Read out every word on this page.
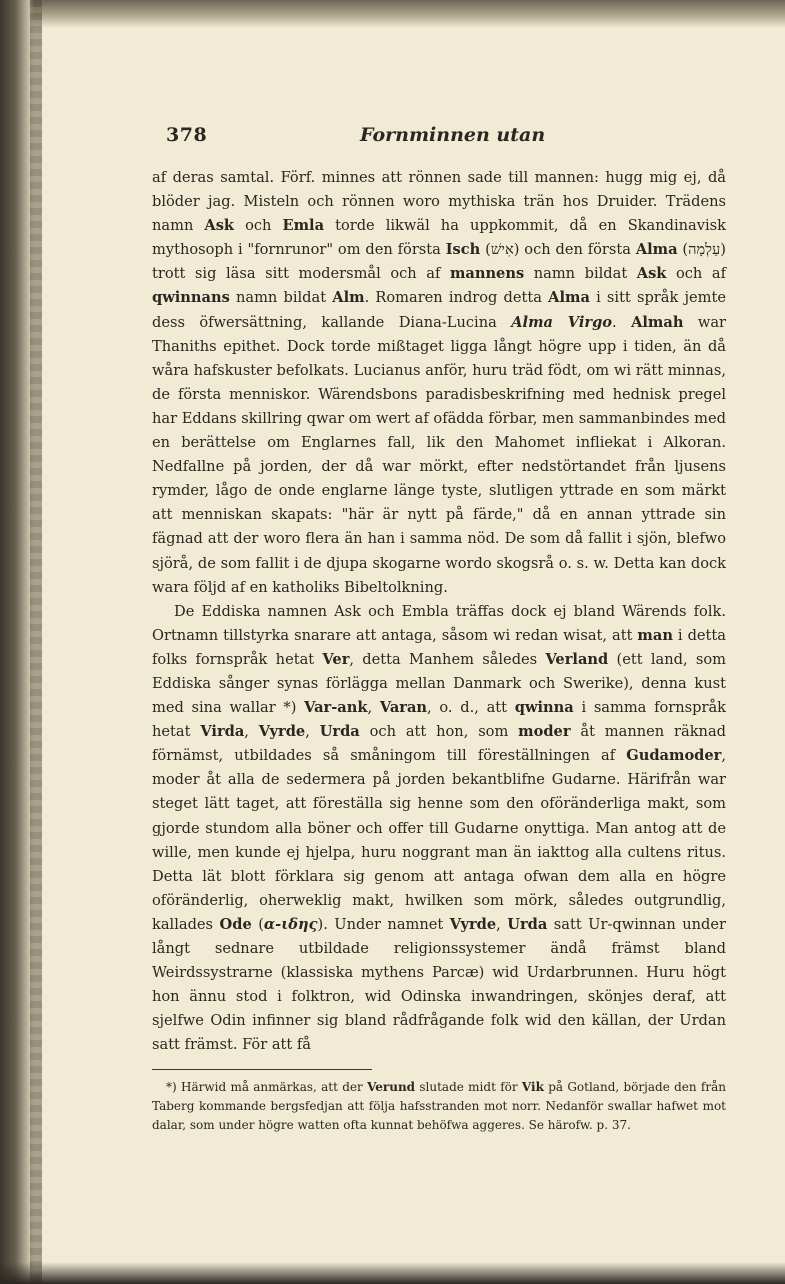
378	Fornminnen utan

af deras samtal. Förf. minnes att rönnen sade till mannen: hugg mig ej, då blöder jag. Misteln och rönnen woro mythiska trän hos Druider. Trädens namn Ask och Emla torde likwäl ha uppkommit, då en Skandinavisk mythosoph i "fornrunor" om den första Isch (אִישׁ) och den första Alma (עַלְמָה) trott sig läsa sitt modersmål och af mannens namn bildat Ask och af qwinnans namn bildat Alm. Romaren indrog detta Alma i sitt språk jemte dess öfwersättning, kallande Diana-Lucina Alma Virgo. Almah war Thaniths epithet. Dock torde mißtaget ligga långt högre upp i tiden, än då wåra hafskuster befolkats. Lucianus anför, huru träd födt, om wi rätt minnas, de första menniskor. Wärendsbons paradisbeskrifning med hednisk pregel har Eddans skillring qwar om wert af ofädda förbar, men sammanbindes med en berättelse om Englarnes fall, lik den Mahomet infliekat i Alkoran. Nedfallne på jorden, der då war mörkt, efter nedstörtandet från ljusens rymder, lågo de onde englarne länge tyste, slutligen yttrade en som märkt att menniskan skapats: "här är nytt på färde," då en annan yttrade sin fägnad att der woro flera än han i samma nöd. De som då fallit i sjön, blefwo sjörå, de som fallit i de djupa skogarne wordo skogsrå o. s. w. Detta kan dock wara följd af en katholiks Bibeltolkning.

De Eddiska namnen Ask och Embla träffas dock ej bland Wärends folk. Ortnamn tillstyrka snarare att antaga, såsom wi redan wisat, att man i detta folks fornspråk hetat Ver, detta Manhem således Verland (ett land, som Eddiska sånger synas förlägga mellan Danmark och Swerike), denna kust med sina wallar *) Var-ank, Varan, o. d., att qwinna i samma fornspråk hetat Virda, Vyrde, Urda och att hon, som moder åt mannen räknad förnämst, utbildades så småningom till föreställningen af Gudamoder, moder åt alla de sedermera på jorden bekantblifne Gudarne. Härifrån war steget lätt taget, att föreställa sig henne som den oföränderliga makt, som gjorde stundom alla böner och offer till Gudarne onyttiga. Man antog att de wille, men kunde ej hjelpa, huru noggrant man än iakttog alla cultens ritus. Detta lät blott förklara sig genom att antaga ofwan dem alla en högre oföränderlig, oherweklig makt, hwilken som mörk, således outgrundlig, kallades Ode (α-ιδης). Under namnet Vyrde, Urda satt Ur-qwinnan under långt sednare utbildade religionssystemer ändå främst bland Weirdssystrarne (klassiska mythens Parcæ) wid Urdarbrunnen. Huru högt hon ännu stod i folktron, wid Odinska inwandringen, skönjes deraf, att sjelfwe Odin infinner sig bland rådfrågande folk wid den källan, der Urdan satt främst. För att få

*) Härwid må anmärkas, att der Verund slutade midt för Vik på Gotland, började den från Taberg kommande bergsfedjan att följa hafsstranden mot norr. Nedanför swallar hafwet mot dalar, som under högre watten ofta kunnat behöfwa aggeres. Se härofw. p. 37.
